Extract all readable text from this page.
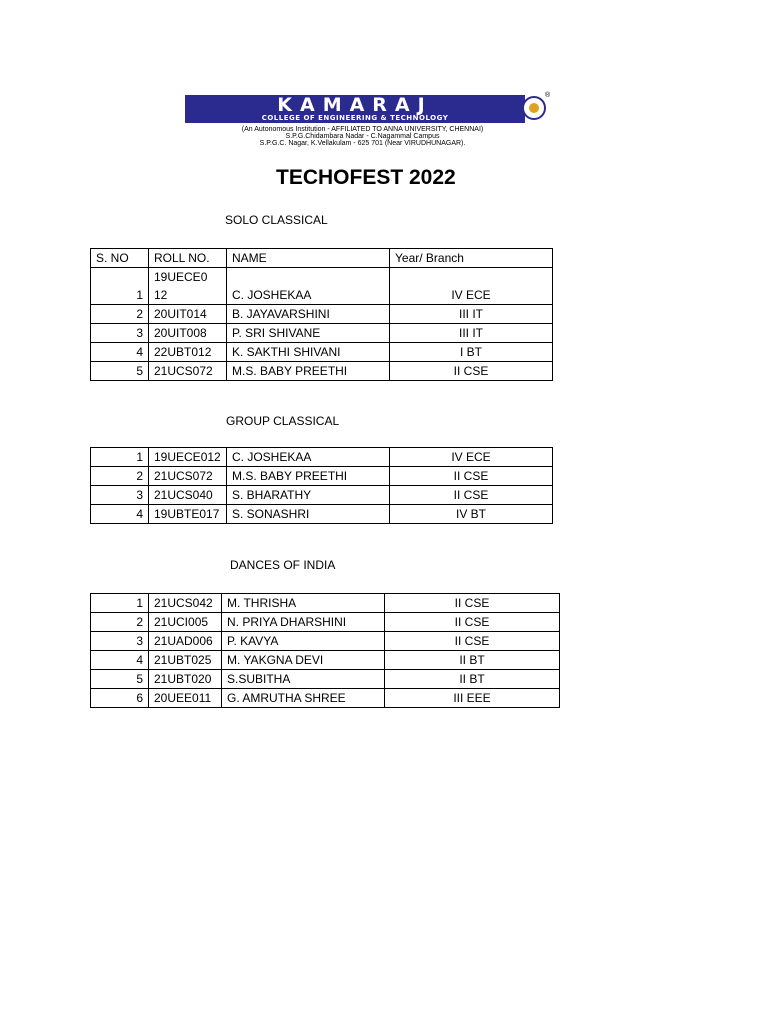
KAMARAJ
COLLEGE OF ENGINEERING & TECHNOLOGY
®
(An Autonomous Institution - AFFILIATED TO ANNA UNIVERSITY, CHENNAI)
S.P.G.Chidambara Nadar - C.Nagammal Campus
S.P.G.C. Nagar, K.Vellakulam - 625 701 (Near VIRUDHUNAGAR).
TECHOFEST 2022
SOLO CLASSICAL
S. NO	ROLL NO.	NAME	Year/ Branch
1	19UECE012	C. JOSHEKAA	IV ECE
2	20UIT014	B. JAYAVARSHINI	III IT
3	20UIT008	P. SRI SHIVANE	III IT
4	22UBT012	K. SAKTHI SHIVANI	I BT
5	21UCS072	M.S. BABY PREETHI	II CSE
GROUP CLASSICAL
1	19UECE012	C. JOSHEKAA	IV ECE
2	21UCS072	M.S. BABY PREETHI	II CSE
3	21UCS040	S. BHARATHY	II CSE
4	19UBTE017	S. SONASHRI	IV BT
DANCES OF INDIA
1	21UCS042	M. THRISHA	II CSE
2	21UCI005	N. PRIYA DHARSHINI	II CSE
3	21UAD006	P. KAVYA	II CSE
4	21UBT025	M. YAKGNA DEVI	II BT
5	21UBT020	S.SUBITHA	II BT
6	20UEE011	G. AMRUTHA SHREE	III EEE
